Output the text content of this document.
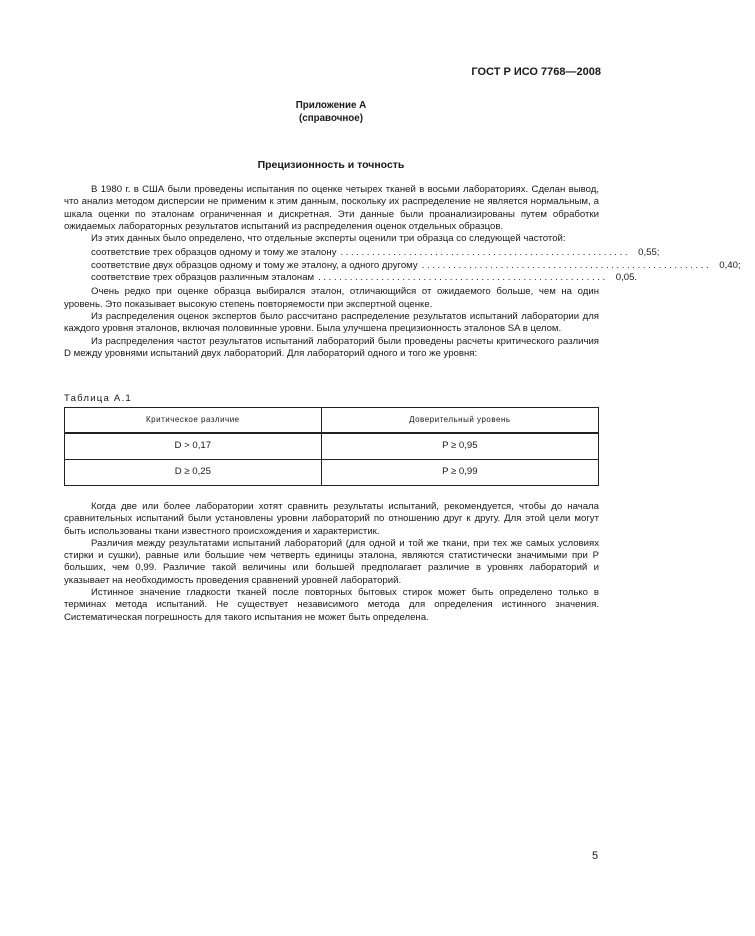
ГОСТ Р ИСО 7768—2008
Приложение А
(справочное)
Прецизионность и точность

В 1980 г. в США были проведены испытания по оценке четырех тканей в восьми лабораториях. Сделан вывод, что анализ методом дисперсии не применим к этим данным, поскольку их распределение не является нормальным, а шкала оценки по эталонам ограниченная и дискретная. Эти данные были проанализированы путем обработки ожидаемых лабораторных результатов испытаний из распределения оценок отдельных образцов.

Из этих данных было определено, что отдельные эксперты оценили три образца со следующей частотой:

соответствие трех образцов одному и тому же эталону ....................................................... 0,55;
соответствие двух образцов одному и тому же эталону, а одного другому ....................................................... 0,40;
соответствие трех образцов различным эталонам ....................................................... 0,05.

Очень редко при оценке образца выбирался эталон, отличающийся от ожидаемого больше, чем на один уровень. Это показывает высокую степень повторяемости при экспертной оценке.

Из распределения оценок экспертов было рассчитано распределение результатов испытаний лаборатории для каждого уровня эталонов, включая половинные уровни. Была улучшена прецизионность эталонов SA в целом.

Из распределения частот результатов испытаний лабораторий были проведены расчеты критического различия D между уровнями испытаний двух лабораторий. Для лабораторий одного и того же уровня:

Таблица А.1
Критическое различие	Доверительный уровень
D > 0,17	P ≥ 0,95
D ≥ 0,25	P ≥ 0,99

Когда две или более лаборатории хотят сравнить результаты испытаний, рекомендуется, чтобы до начала сравнительных испытаний были установлены уровни лабораторий по отношению друг к другу. Для этой цели могут быть использованы ткани известного происхождения и характеристик.

Различия между результатами испытаний лабораторий (для одной и той же ткани, при тех же самых условиях стирки и сушки), равные или большие чем четверть единицы эталона, являются статистически значимыми при P больших, чем 0,99. Различие такой величины или большей предполагает различие в уровнях лабораторий и указывает на необходимость проведения сравнений уровней лабораторий.

Истинное значение гладкости тканей после повторных бытовых стирок может быть определено только в терминах метода испытаний. Не существует независимого метода для определения истинного значения. Систематическая погрешность для такого испытания не может быть определена.

5
